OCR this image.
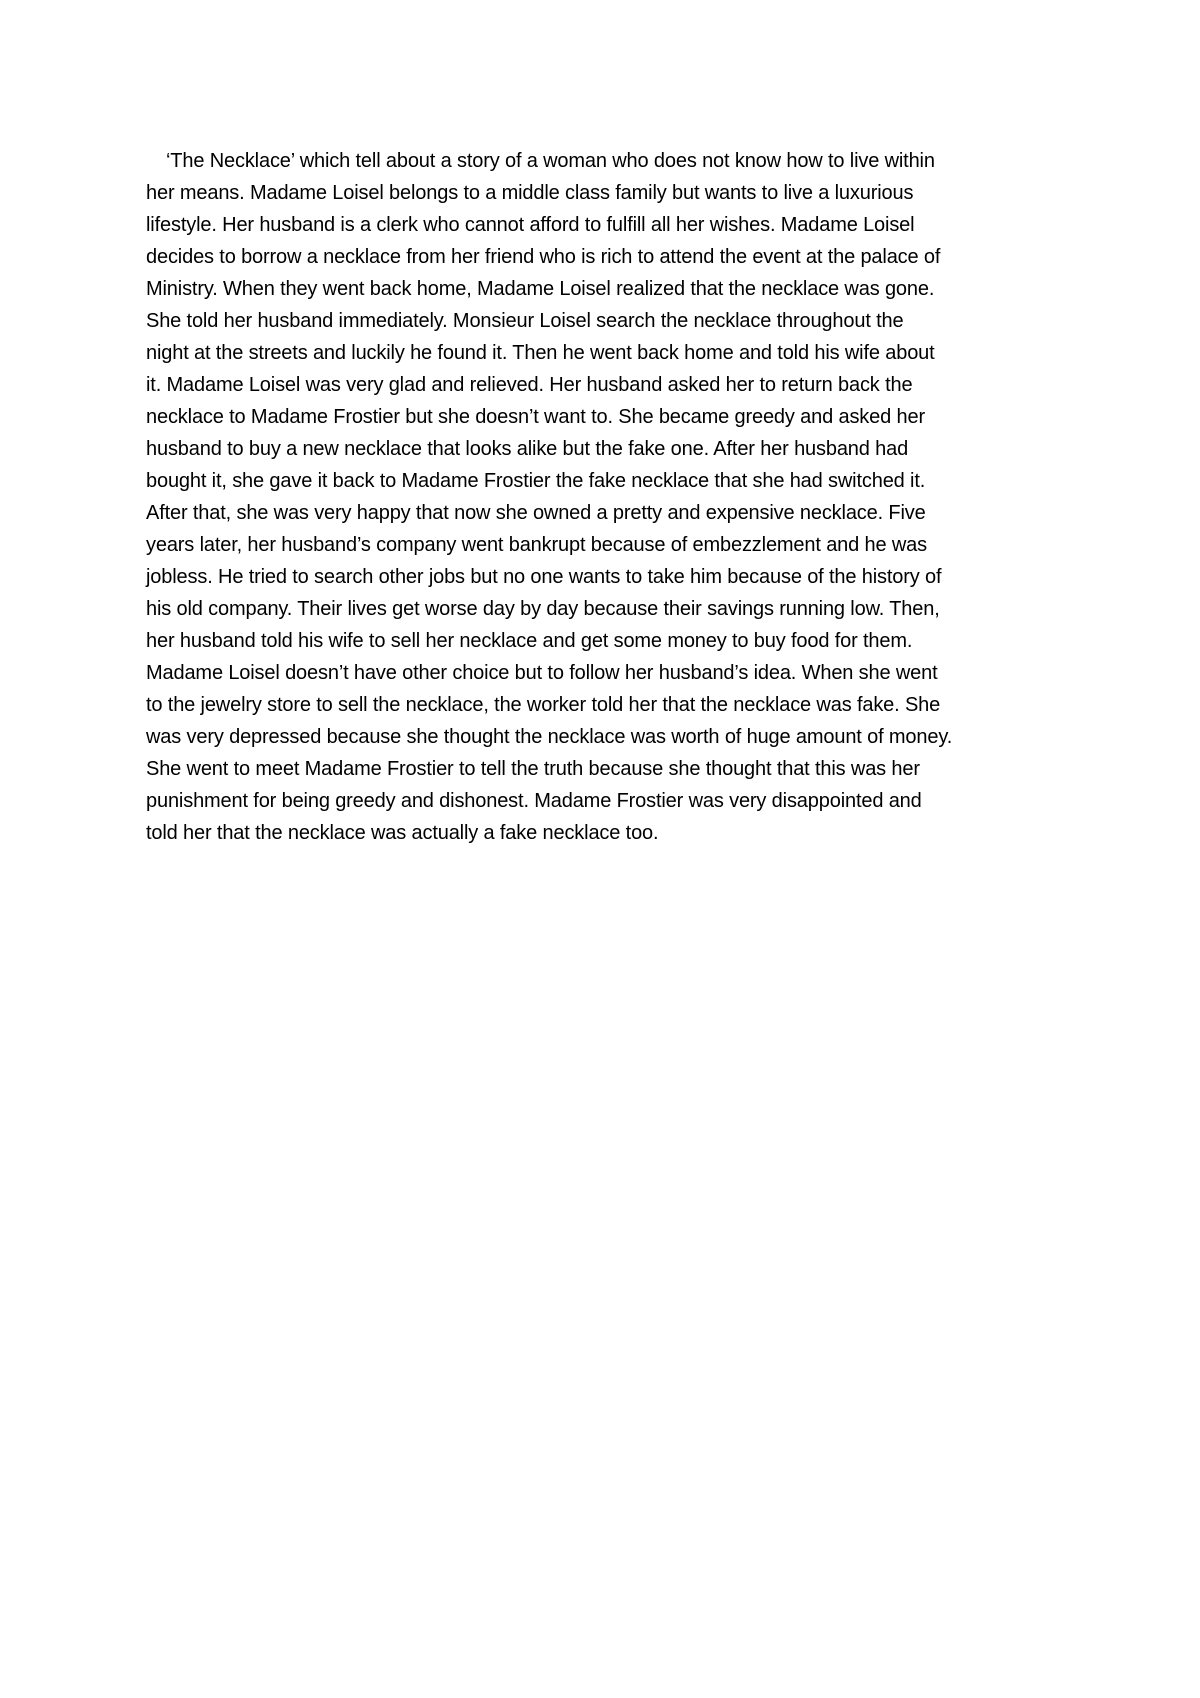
‘The Necklace’ which tell about a story of a woman who does not know how to live within
her means. Madame Loisel belongs to a middle class family but wants to live a luxurious
lifestyle. Her husband is a clerk who cannot afford to fulfill all her wishes. Madame Loisel
decides to borrow a necklace from her friend who is rich to attend the event at the palace of
Ministry. When they went back home, Madame Loisel realized that the necklace was gone.
She told her husband immediately. Monsieur Loisel search the necklace throughout the
night at the streets and luckily he found it. Then he went back home and told his wife about
it. Madame Loisel was very glad and relieved. Her husband asked her to return back the
necklace to Madame Frostier but she doesn’t want to. She became greedy and asked her
husband to buy a new necklace that looks alike but the fake one. After her husband had
bought it, she gave it back to Madame Frostier the fake necklace that she had switched it.
After that, she was very happy that now she owned a pretty and expensive necklace. Five
years later, her husband’s company went bankrupt because of embezzlement and he was
jobless. He tried to search other jobs but no one wants to take him because of the history of
his old company. Their lives get worse day by day because their savings running low. Then,
her husband told his wife to sell her necklace and get some money to buy food for them.
Madame Loisel doesn’t have other choice but to follow her husband’s idea. When she went
to the jewelry store to sell the necklace, the worker told her that the necklace was fake. She
was very depressed because she thought the necklace was worth of huge amount of money.
She went to meet Madame Frostier to tell the truth because she thought that this was her
punishment for being greedy and dishonest. Madame Frostier was very disappointed and
told her that the necklace was actually a fake necklace too.
